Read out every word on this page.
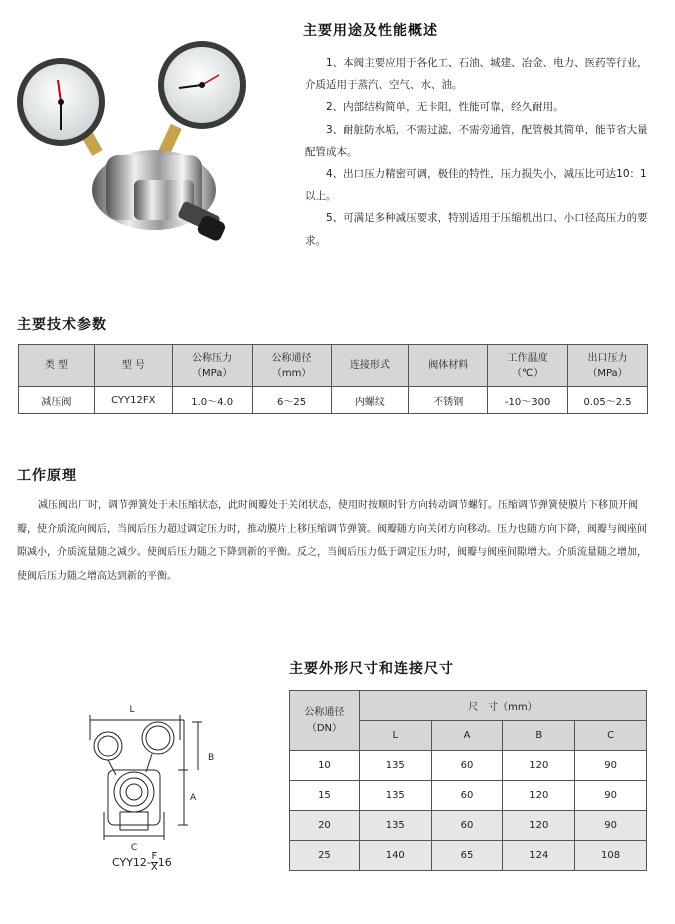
主要用途及性能概述

1、本阀主要应用于各化工、石油、城建、冶金、电力、医药等行业，介质适用于蒸汽、空气、水、油。

2、内部结构简单，无卡阻，性能可靠，经久耐用。

3、耐脏防水垢，不需过滤，不需旁通管，配管极其简单，能节省大量配管成本。

4、出口压力精密可调，极佳的特性，压力损失小，减压比可达10：1以上。

5、可满足多种减压要求，特别适用于压缩机出口、小口径高压力的要求。

主要技术参数
类 型	型 号	公称压力
（MPa）	公称通径
（mm）	连接形式	阀体材料	工作温度
（℃）	出口压力
（MPa）
减压阀	CYY12FX	1.0～4.0	6～25	内螺纹	不锈钢	-10～300	0.05～2.5
工作原理

减压阀出厂时，调节弹簧处于未压缩状态，此时阀瓣处于关闭状态，使用时按顺时针方向转动调节螺钉。压缩调节弹簧使膜片下移顶开阀瓣，使介质流向阀后，当阀后压力超过调定压力时，推动膜片上移压缩调节弹簧。阀瓣随方向关闭方向移动。压力也随方向下降，阀瓣与阀座间隙减小，介质流量随之减少。使阀后压力随之下降到新的平衡。反之，当阀后压力低于调定压力时，阀瓣与阀座间隙增大。介质流量随之增加，使阀后压力随之增高达到新的平衡。

主要外形尺寸和连接尺寸
L
B
A
C
$CYY12- \frac{F}{X} 16$
公称通径
（DN）	尺　寸（mm）			
	L	A	B	C
10	135	60	120	90
15	135	60	120	90
20	135	60	120	90
25	140	65	124	108
